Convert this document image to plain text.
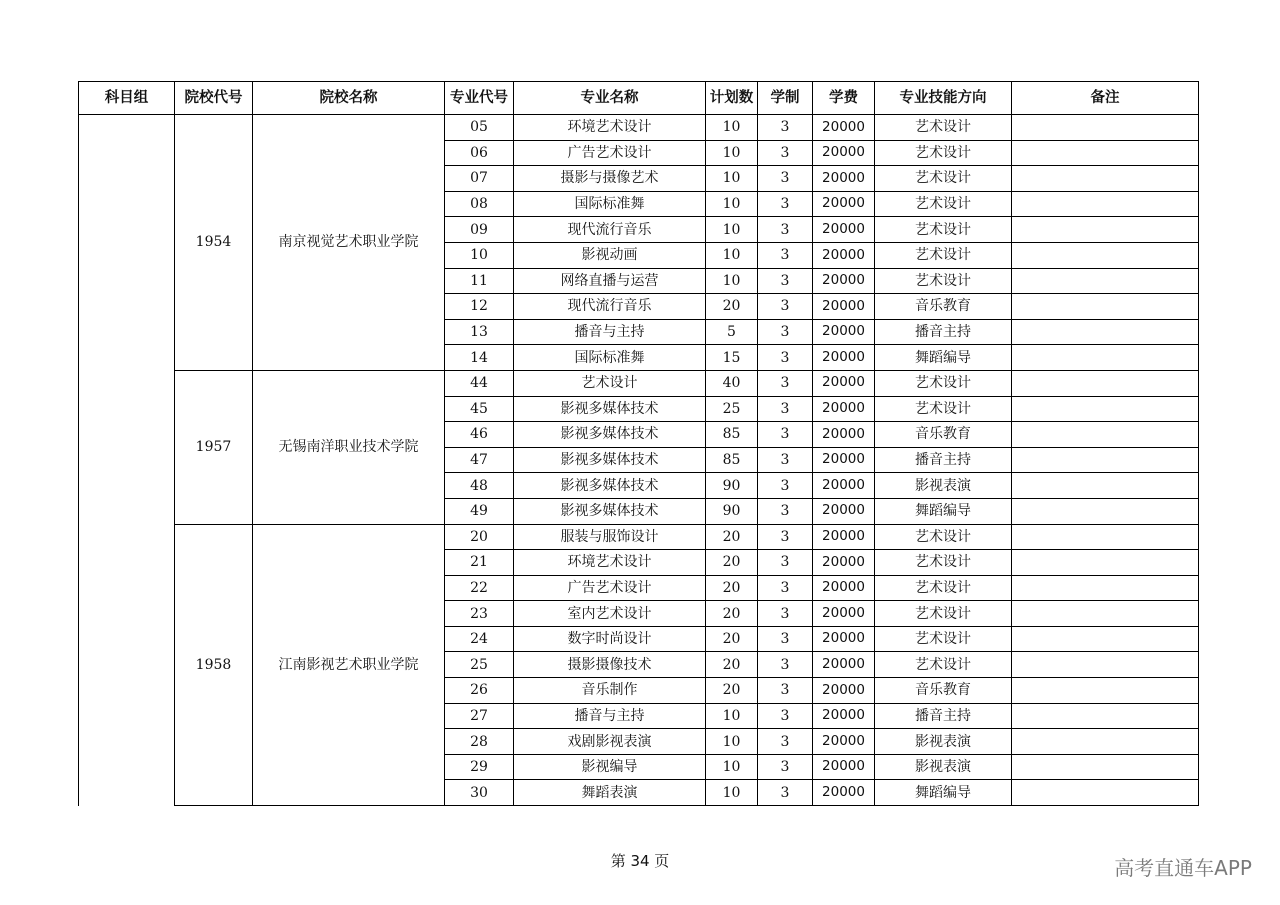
科目组	院校代号	院校名称	专业代号	专业名称	计划数	学制	学费	专业技能方向	备注
	1954	南京视觉艺术职业学院	05	环境艺术设计	10	3	20000	艺术设计	
			06	广告艺术设计	10	3	20000	艺术设计	
			07	摄影与摄像艺术	10	3	20000	艺术设计	
			08	国际标准舞	10	3	20000	艺术设计	
			09	现代流行音乐	10	3	20000	艺术设计	
			10	影视动画	10	3	20000	艺术设计	
			11	网络直播与运营	10	3	20000	艺术设计	
			12	现代流行音乐	20	3	20000	音乐教育	
			13	播音与主持	5	3	20000	播音主持	
			14	国际标准舞	15	3	20000	舞蹈编导	
	1957	无锡南洋职业技术学院	44	艺术设计	40	3	20000	艺术设计	
			45	影视多媒体技术	25	3	20000	艺术设计	
			46	影视多媒体技术	85	3	20000	音乐教育	
			47	影视多媒体技术	85	3	20000	播音主持	
			48	影视多媒体技术	90	3	20000	影视表演	
			49	影视多媒体技术	90	3	20000	舞蹈编导	
	1958	江南影视艺术职业学院	20	服装与服饰设计	20	3	20000	艺术设计	
			21	环境艺术设计	20	3	20000	艺术设计	
			22	广告艺术设计	20	3	20000	艺术设计	
			23	室内艺术设计	20	3	20000	艺术设计	
			24	数字时尚设计	20	3	20000	艺术设计	
			25	摄影摄像技术	20	3	20000	艺术设计	
			26	音乐制作	20	3	20000	音乐教育	
			27	播音与主持	10	3	20000	播音主持	
			28	戏剧影视表演	10	3	20000	影视表演	
			29	影视编导	10	3	20000	影视表演	
			30	舞蹈表演	10	3	20000	舞蹈编导	
第 34 页	高考直通车APP
